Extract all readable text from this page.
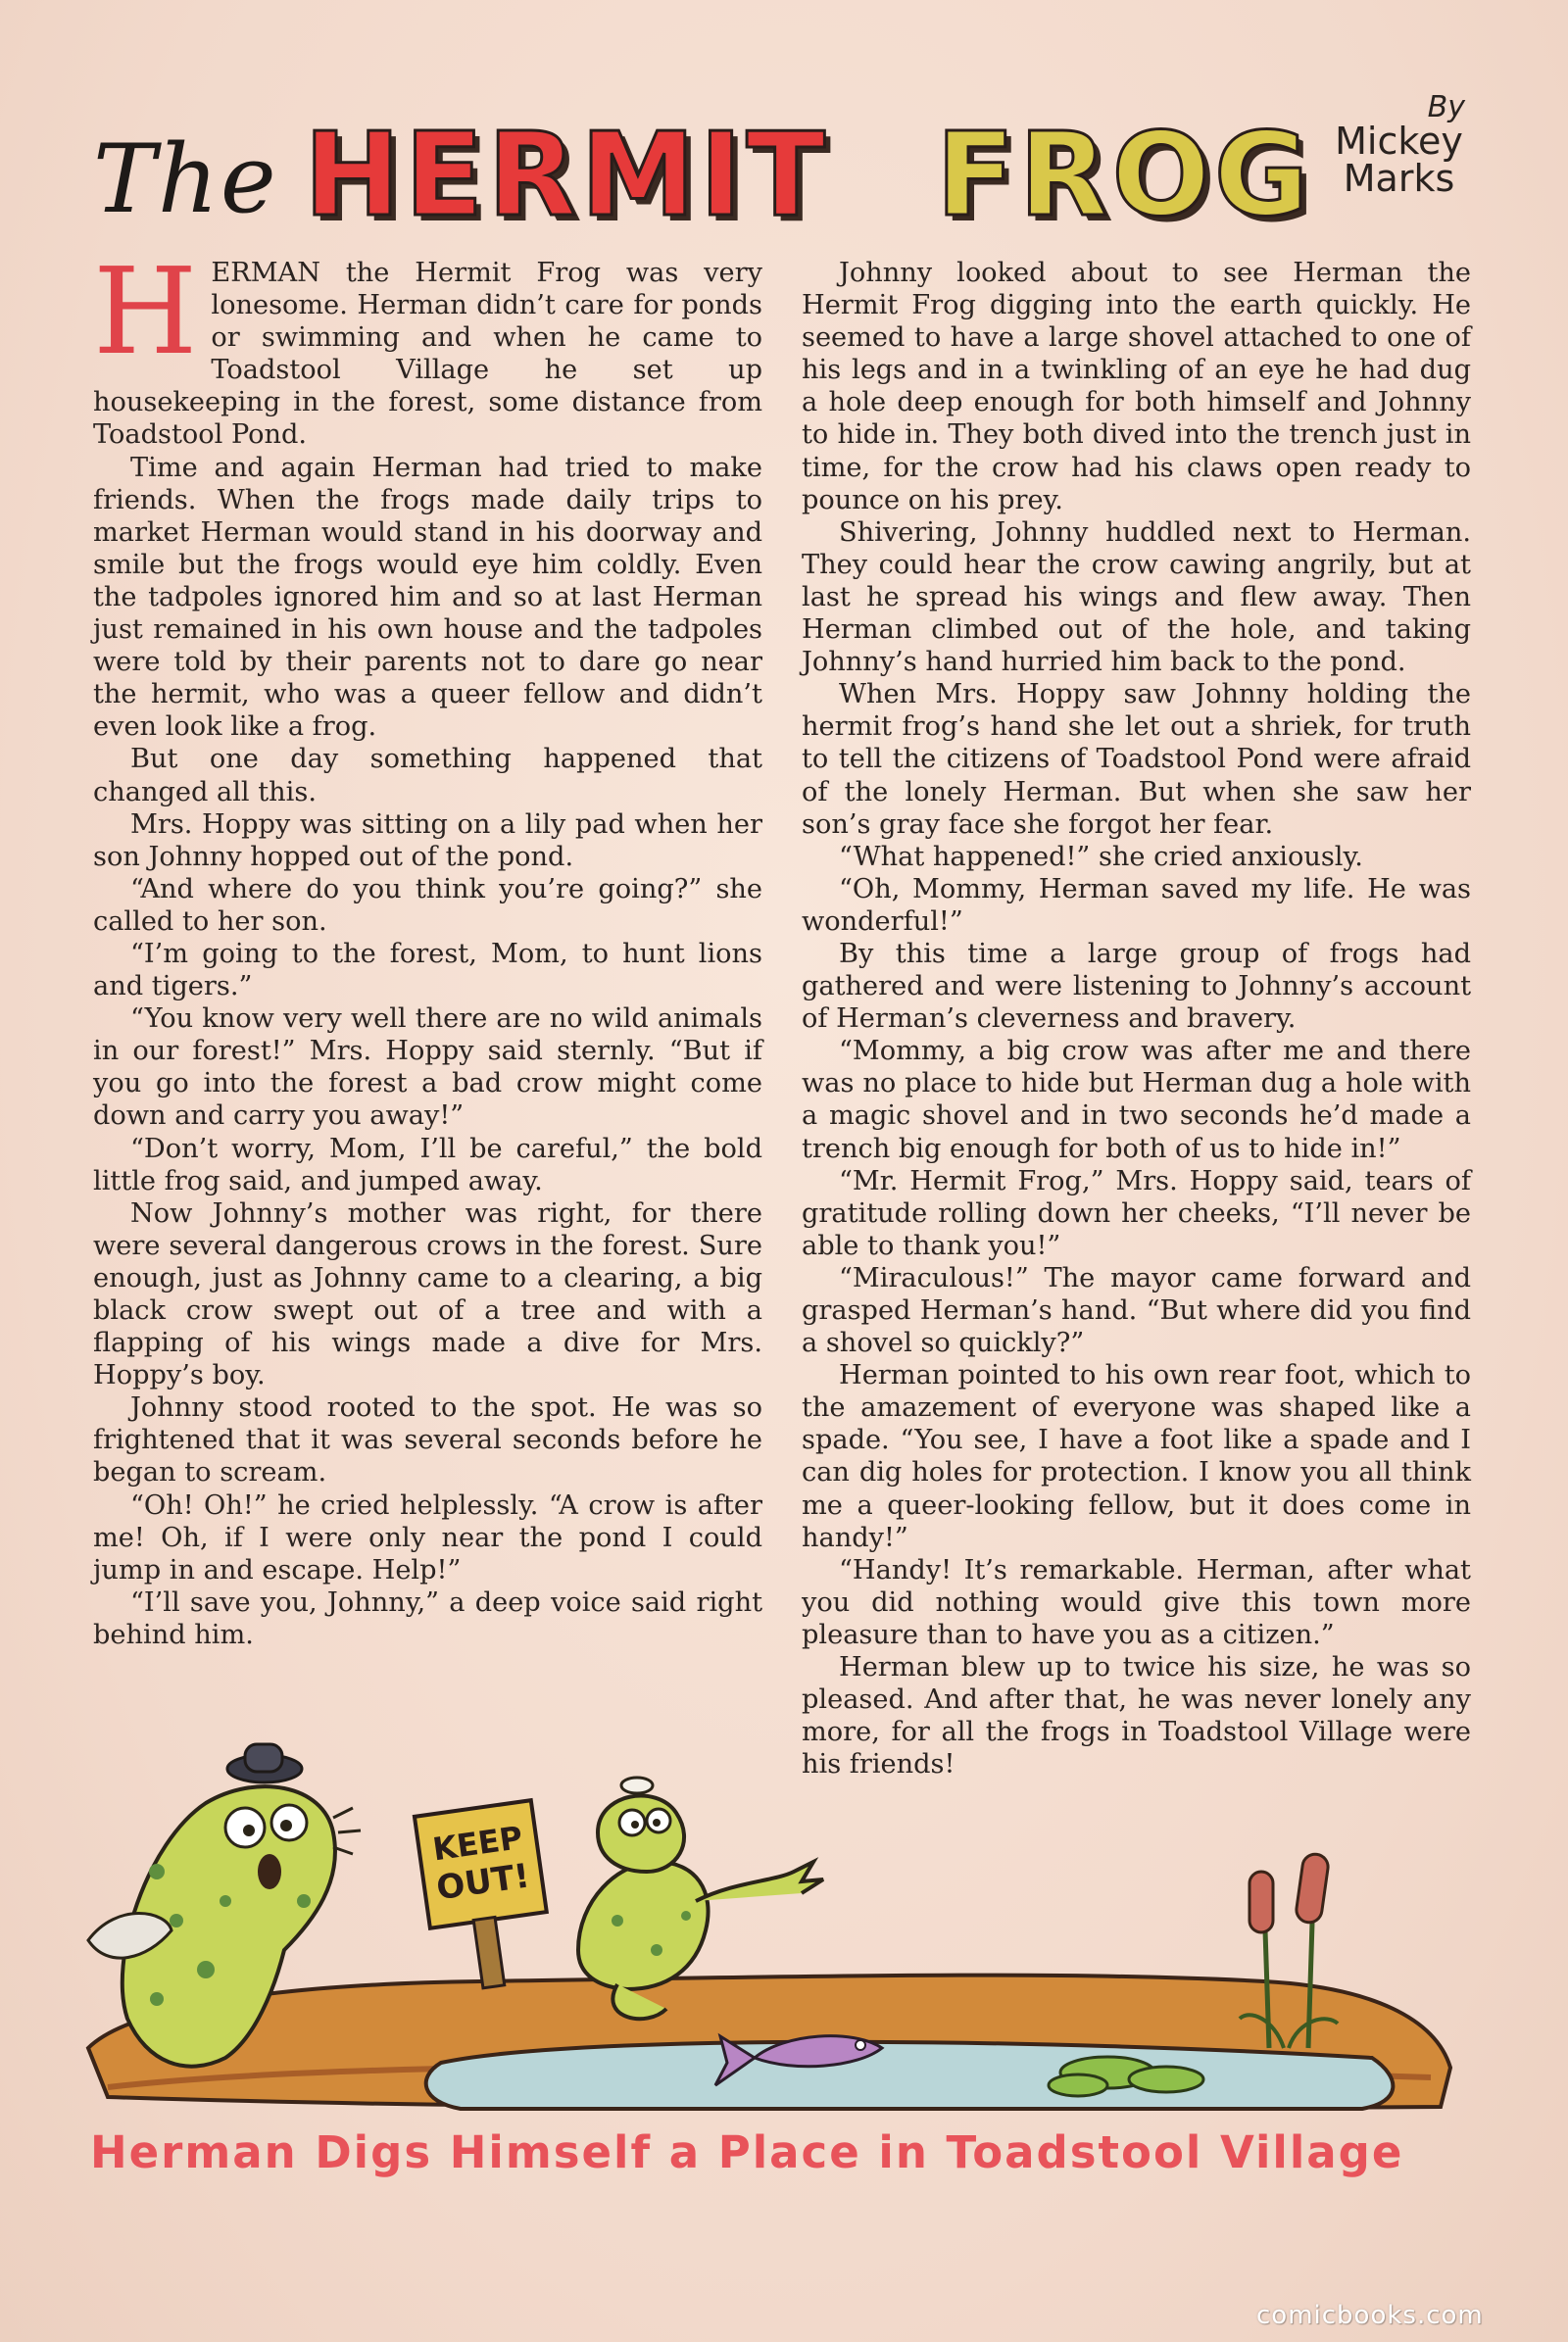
The HERMIT FROG	By
Mickey
Marks

HERMAN the Hermit Frog was very lonesome. Herman didn’t care for ponds or swimming and when he came to Toadstool Village he set up housekeeping in the forest, some distance from Toadstool Pond.

Time and again Herman had tried to make friends. When the frogs made daily trips to market Herman would stand in his doorway and smile but the frogs would eye him coldly. Even the tadpoles ignored him and so at last Herman just remained in his own house and the tadpoles were told by their parents not to dare go near the hermit, who was a queer fellow and didn’t even look like a frog.

But one day something happened that changed all this.

Mrs. Hoppy was sitting on a lily pad when her son Johnny hopped out of the pond.

“And where do you think you’re going?” she called to her son.

“I’m going to the forest, Mom, to hunt lions and tigers.”

“You know very well there are no wild animals in our forest!” Mrs. Hoppy said sternly. “But if you go into the forest a bad crow might come down and carry you away!”

“Don’t worry, Mom, I’ll be careful,” the bold little frog said, and jumped away.

Now Johnny’s mother was right, for there were several dangerous crows in the forest. Sure enough, just as Johnny came to a clearing, a big black crow swept out of a tree and with a flapping of his wings made a dive for Mrs. Hoppy’s boy.

Johnny stood rooted to the spot. He was so frightened that it was several seconds before he began to scream.

“Oh! Oh!” he cried helplessly. “A crow is after me! Oh, if I were only near the pond I could jump in and escape. Help!”

“I’ll save you, Johnny,” a deep voice said right behind him.

Johnny looked about to see Herman the Hermit Frog digging into the earth quickly. He seemed to have a large shovel attached to one of his legs and in a twinkling of an eye he had dug a hole deep enough for both himself and Johnny to hide in. They both dived into the trench just in time, for the crow had his claws open ready to pounce on his prey.

Shivering, Johnny huddled next to Herman. They could hear the crow cawing angrily, but at last he spread his wings and flew away. Then Herman climbed out of the hole, and taking Johnny’s hand hurried him back to the pond.

When Mrs. Hoppy saw Johnny holding the hermit frog’s hand she let out a shriek, for truth to tell the citizens of Toadstool Pond were afraid of the lonely Herman. But when she saw her son’s gray face she forgot her fear.

“What happened!” she cried anxiously.

“Oh, Mommy, Herman saved my life. He was wonderful!”

By this time a large group of frogs had gathered and were listening to Johnny’s account of Herman’s cleverness and bravery.

“Mommy, a big crow was after me and there was no place to hide but Herman dug a hole with a magic shovel and in two seconds he’d made a trench big enough for both of us to hide in!”

“Mr. Hermit Frog,” Mrs. Hoppy said, tears of gratitude rolling down her cheeks, “I’ll never be able to thank you!”

“Miraculous!” The mayor came forward and grasped Herman’s hand. “But where did you find a shovel so quickly?”

Herman pointed to his own rear foot, which to the amazement of everyone was shaped like a spade. “You see, I have a foot like a spade and I can dig holes for protection. I know you all think me a queer-looking fellow, but it does come in handy!”

“Handy! It’s remarkable. Herman, after what you did nothing would give this town more pleasure than to have you as a citizen.”

Herman blew up to twice his size, he was so pleased. And after that, he was never lonely any more, for all the frogs in Toadstool Village were his friends!

KEEP
OUT!
Herman Digs Himself a Place in Toadstool Village
comicbooks.com
